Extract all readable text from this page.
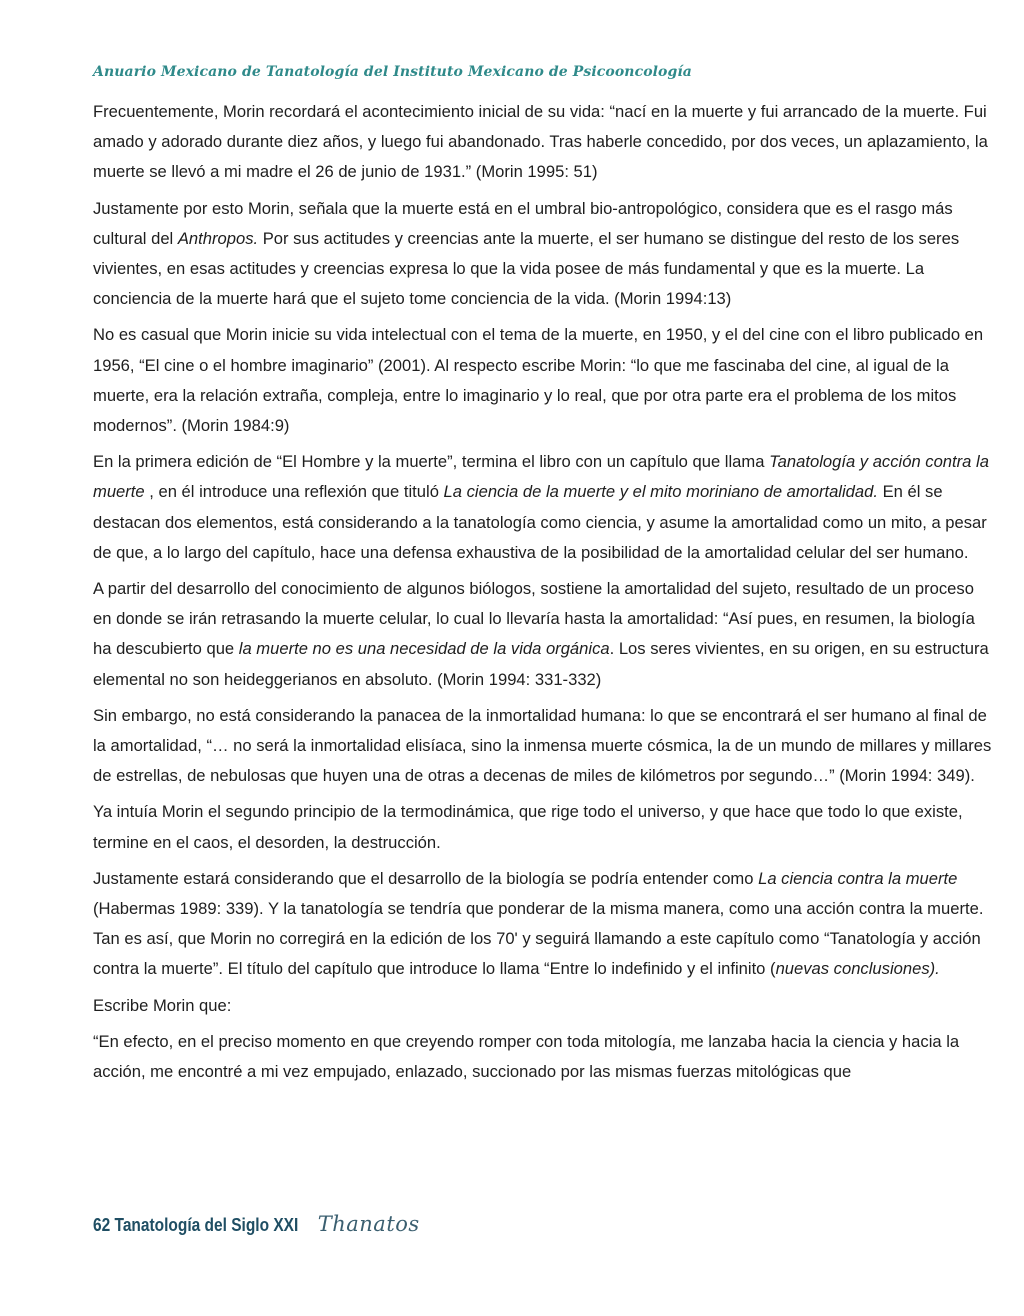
Anuario Mexicano de Tanatología del Instituto Mexicano de Psicooncología

Frecuentemente, Morin recordará el acontecimiento inicial de su vida: “nací en la muerte y fui arrancado de la muerte. Fui amado y adorado durante diez años, y luego fui abandonado. Tras haberle concedido, por dos veces, un aplazamiento, la muerte se llevó a mi madre el 26 de junio de 1931.” (Morin 1995: 51)

Justamente por esto Morin, señala que la muerte está en el umbral bio-antropológico, considera que es el rasgo más cultural del Anthropos. Por sus actitudes y creencias ante la muerte, el ser humano se distingue del resto de los seres vivientes, en esas actitudes y creencias expresa lo que la vida posee de más fundamental y que es la muerte. La conciencia de la muerte hará que el sujeto tome conciencia de la vida. (Morin 1994:13)

No es casual que Morin inicie su vida intelectual con el tema de la muerte, en 1950, y el del cine con el libro publicado en 1956, “El cine o el hombre imaginario” (2001). Al respecto escribe Morin: “lo que me fascinaba del cine, al igual de la muerte, era la relación extraña, compleja, entre lo imaginario y lo real, que por otra parte era el problema de los mitos modernos”. (Morin 1984:9)

En la primera edición de “El Hombre y la muerte”, termina el libro con un capítulo que llama Tanatología y acción contra la muerte , en él introduce una reflexión que tituló La ciencia de la muerte y el mito moriniano de amortalidad. En él se destacan dos elementos, está considerando a la tanatología como ciencia, y asume la amortalidad como un mito, a pesar de que, a lo largo del capítulo, hace una defensa exhaustiva de la posibilidad de la amortalidad celular del ser humano.

A partir del desarrollo del conocimiento de algunos biólogos, sostiene la amortalidad del sujeto, resultado de un proceso en donde se irán retrasando la muerte celular, lo cual lo llevaría hasta la amortalidad: “Así pues, en resumen, la biología ha descubierto que la muerte no es una necesidad de la vida orgánica. Los seres vivientes, en su origen, en su estructura elemental no son heideggerianos en absoluto. (Morin 1994: 331-332)

Sin embargo, no está considerando la panacea de la inmortalidad humana: lo que se encontrará el ser humano al final de la amortalidad, “… no será la inmortalidad elisíaca, sino la inmensa muerte cósmica, la de un mundo de millares y millares de estrellas, de nebulosas que huyen una de otras a decenas de miles de kilómetros por segundo…” (Morin 1994: 349).

Ya intuía Morin el segundo principio de la termodinámica, que rige todo el universo, y que hace que todo lo que existe, termine en el caos, el desorden, la destrucción.

Justamente estará considerando que el desarrollo de la biología se podría entender como La ciencia contra la muerte (Habermas 1989: 339). Y la tanatología se tendría que ponderar de la misma manera, como una acción contra la muerte. Tan es así, que Morin no corregirá en la edición de los 70' y seguirá llamando a este capítulo como “Tanatología y acción contra la muerte”. El título del capítulo que introduce lo llama “Entre lo indefinido y el infinito (nuevas conclusiones).

Escribe Morin que:

“En efecto, en el preciso momento en que creyendo romper con toda mitología, me lanzaba hacia la ciencia y hacia la acción, me encontré a mi vez empujado, enlazado, succionado por las mismas fuerzas mitológicas que

62 Tanatología del Siglo XXI Thanatos
